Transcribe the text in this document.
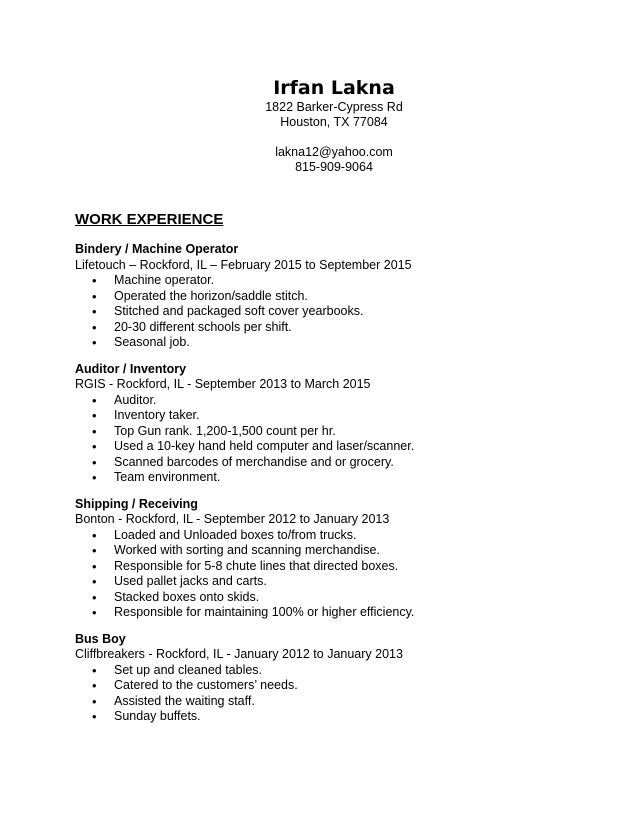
Irfan Lakna
1822 Barker-Cypress Rd
Houston, TX 77084
lakna12@yahoo.com
815-909-9064
WORK EXPERIENCE
Bindery / Machine Operator
Lifetouch – Rockford, IL – February 2015 to September 2015
• Machine operator.
• Operated the horizon/saddle stitch.
• Stitched and packaged soft cover yearbooks.
• 20-30 different schools per shift.
• Seasonal job.
Auditor / Inventory
RGIS - Rockford, IL - September 2013 to March 2015
• Auditor.
• Inventory taker.
• Top Gun rank. 1,200-1,500 count per hr.
• Used a 10-key hand held computer and laser/scanner.
• Scanned barcodes of merchandise and or grocery.
• Team environment.
Shipping / Receiving
Bonton - Rockford, IL - September 2012 to January 2013
• Loaded and Unloaded boxes to/from trucks.
• Worked with sorting and scanning merchandise.
• Responsible for 5-8 chute lines that directed boxes.
• Used pallet jacks and carts.
• Stacked boxes onto skids.
• Responsible for maintaining 100% or higher efficiency.
Bus Boy
Cliffbreakers - Rockford, IL - January 2012 to January 2013
• Set up and cleaned tables.
• Catered to the customers’ needs.
• Assisted the waiting staff.
• Sunday buffets.
